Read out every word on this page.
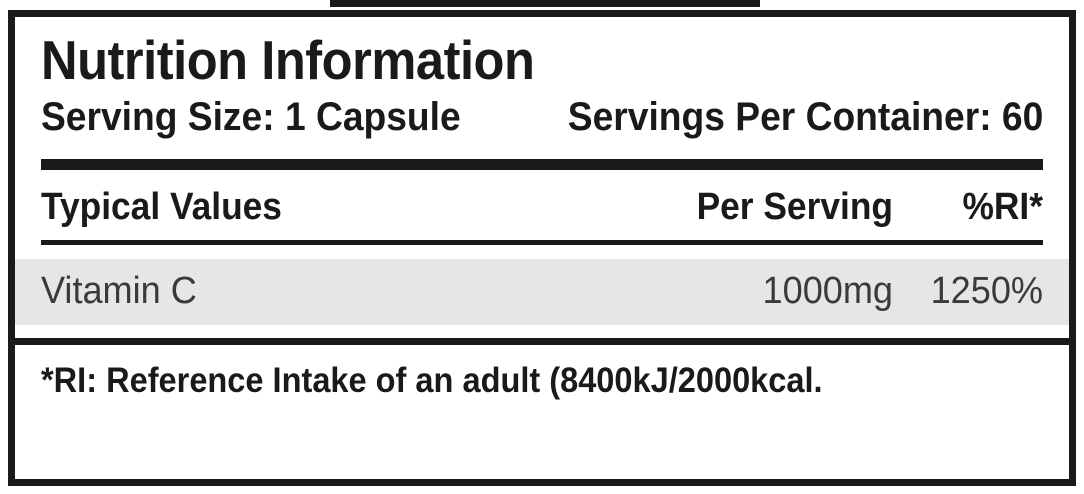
Nutrition Information
Serving Size: 1 Capsule	Servings Per Container: 60
Typical Values	Per Serving	%RI*
Vitamin C	1000mg 1250%
*RI: Reference Intake of an adult (8400kJ/2000kcal.
